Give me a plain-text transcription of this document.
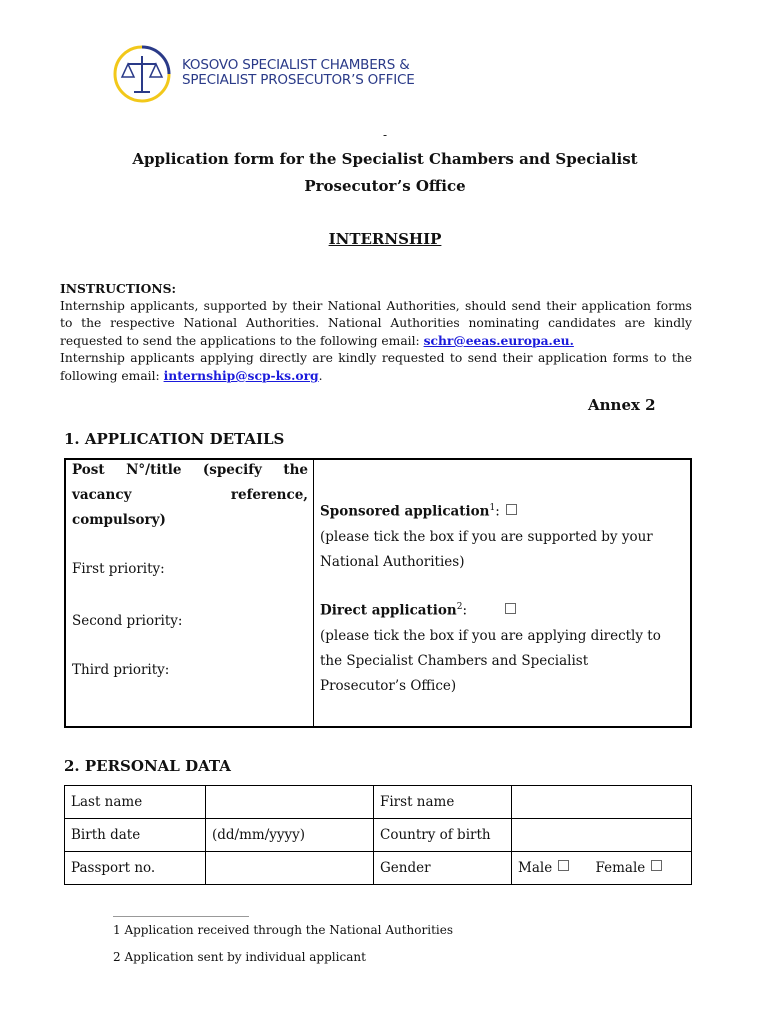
KOSOVO SPECIALIST CHAMBERS &
SPECIALIST PROSECUTOR’S OFFICE
-
Application form for the Specialist Chambers and Specialist
Prosecutor’s Office
INTERNSHIP
INSTRUCTIONS:
Internship applicants, supported by their National Authorities, should send their application forms to the respective National Authorities. National Authorities nominating candidates are kindly requested to send the applications to the following email: schr@eeas.europa.eu.
Internship applicants applying directly are kindly requested to send their application forms to the following email: internship@scp-ks.org.
Annex 2
1. APPLICATION DETAILS
Post N°/title (specify the
vacancy reference,
compulsory)
First priority:
Second priority:
Third priority:
Sponsored application$^1$:
(please tick the box if you are supported by your
National Authorities)
Direct application$^2$:
(please tick the box if you are applying directly to
the Specialist Chambers and Specialist
Prosecutor’s Office)
2. PERSONAL DATA
Last name		First name	
Birth date	(dd/mm/yyyy)	Country of birth	
Passport no.		Gender	Male Female
1 Application received through the National Authorities
2 Application sent by individual applicant
